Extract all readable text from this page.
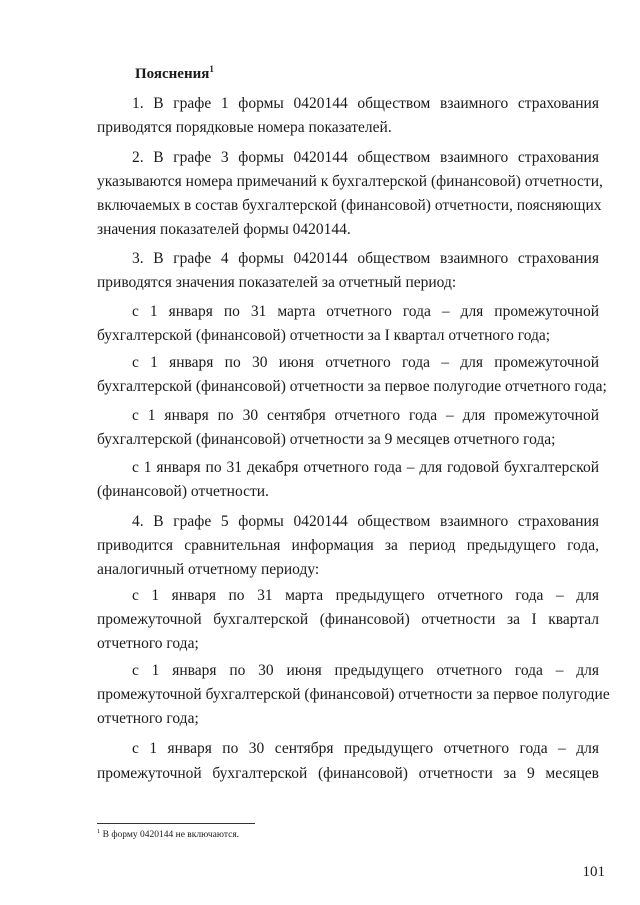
Пояснения$^1$

1. В графе 1 формы 0420144 обществом взаимного страхования
приводятся порядковые номера показателей.
2. В графе 3 формы 0420144 обществом взаимного страхования
указываются номера примечаний к бухгалтерской (финансовой) отчетности,
включаемых в состав бухгалтерской (финансовой) отчетности, поясняющих
значения показателей формы 0420144.
3. В графе 4 формы 0420144 обществом взаимного страхования
приводятся значения показателей за отчетный период:
с 1 января по 31 марта отчетного года – для промежуточной
бухгалтерской (финансовой) отчетности за I квартал отчетного года;
с 1 января по 30 июня отчетного года – для промежуточной
бухгалтерской (финансовой) отчетности за первое полугодие отчетного года;
с 1 января по 30 сентября отчетного года – для промежуточной
бухгалтерской (финансовой) отчетности за 9 месяцев отчетного года;
с 1 января по 31 декабря отчетного года – для годовой бухгалтерской
(финансовой) отчетности.
4. В графе 5 формы 0420144 обществом взаимного страхования
приводится сравнительная информация за период предыдущего года,
аналогичный отчетному периоду:
с 1 января по 31 марта предыдущего отчетного года – для
промежуточной бухгалтерской (финансовой) отчетности за I квартал
отчетного года;
с 1 января по 30 июня предыдущего отчетного года – для
промежуточной бухгалтерской (финансовой) отчетности за первое полугодие
отчетного года;
с 1 января по 30 сентября предыдущего отчетного года – для
промежуточной бухгалтерской (финансовой) отчетности за 9 месяцев
$^1$ В форму 0420144 не включаются.
101
